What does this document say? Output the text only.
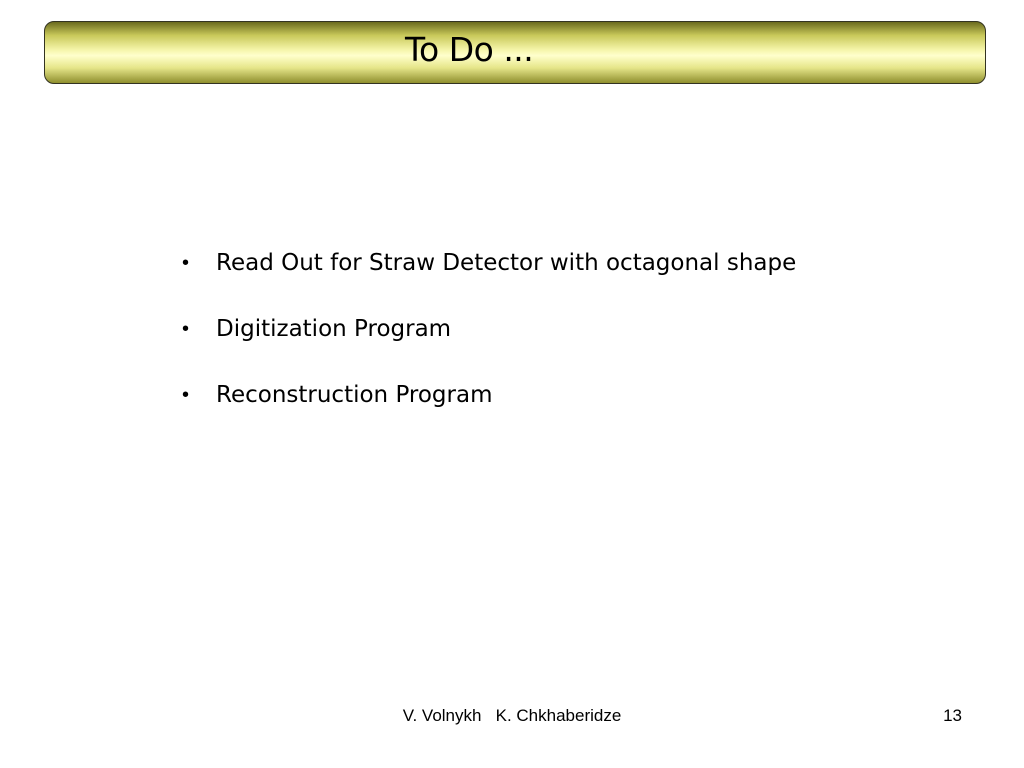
To Do ...
• Read Out for Straw Detector with octagonal shape
• Digitization Program
• Reconstruction Program
V. Volnykh   K. Chkhaberidze	13
